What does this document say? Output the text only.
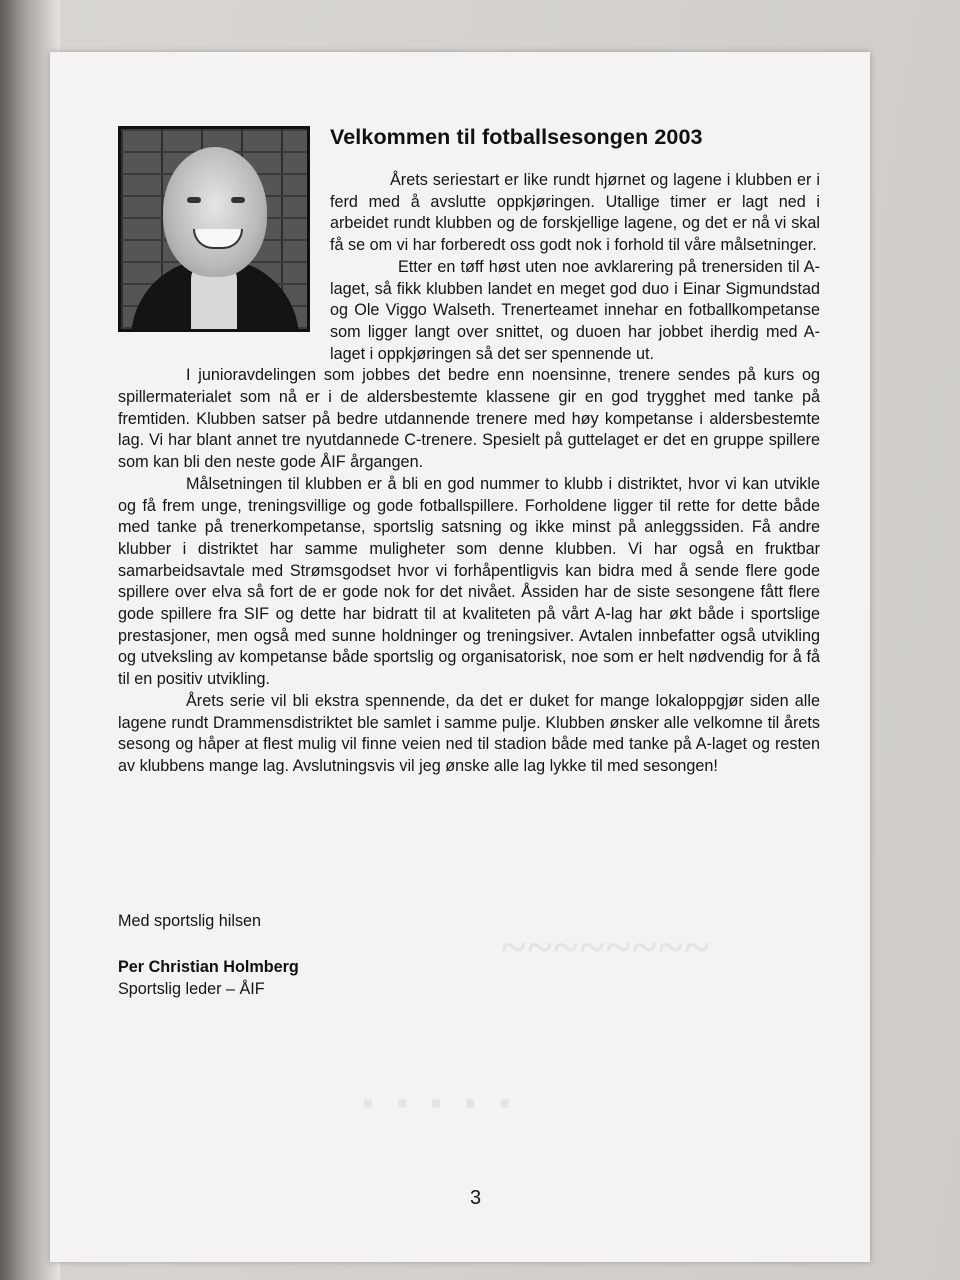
Velkommen til fotballsesongen 2003

Årets seriestart er like rundt hjørnet og lagene i klubben er i ferd med å avslutte oppkjøringen. Utallige timer er lagt ned i arbeidet rundt klubben og de forskjellige lagene, og det er nå vi skal få se om vi har forberedt oss godt nok i forhold til våre målsetninger.

Etter en tøff høst uten noe avklarering på trenersiden til A-laget, så fikk klubben landet en meget god duo i Einar Sigmundstad og Ole Viggo Walseth. Trenerteamet innehar en fotballkompetanse som ligger langt over snittet, og duoen har jobbet iherdig med A-laget i oppkjøringen så det ser spennende ut.

I junioravdelingen som jobbes det bedre enn noensinne, trenere sendes på kurs og spillermaterialet som nå er i de aldersbestemte klassene gir en god trygghet med tanke på fremtiden. Klubben satser på bedre utdannende trenere med høy kompetanse i aldersbestemte lag. Vi har blant annet tre nyutdannede C-trenere. Spesielt på guttelaget er det en gruppe spillere som kan bli den neste gode ÅIF årgangen.

Målsetningen til klubben er å bli en god nummer to klubb i distriktet, hvor vi kan utvikle og få frem unge, treningsvillige og gode fotballspillere. Forholdene ligger til rette for dette både med tanke på trenerkompetanse, sportslig satsning og ikke minst på anleggssiden. Få andre klubber i distriktet har samme muligheter som denne klubben. Vi har også en fruktbar samarbeidsavtale med Strømsgodset hvor vi forhåpentligvis kan bidra med å sende flere gode spillere over elva så fort de er gode nok for det nivået. Åssiden har de siste sesongene fått flere gode spillere fra SIF og dette har bidratt til at kvaliteten på vårt A-lag har økt både i sportslige prestasjoner, men også med sunne holdninger og treningsiver. Avtalen innbefatter også utvikling og utveksling av kompetanse både sportslig og organisatorisk, noe som er helt nødvendig for å få til en positiv utvikling.

Årets serie vil bli ekstra spennende, da det er duket for mange lokaloppgjør siden alle lagene rundt Drammensdistriktet ble samlet i samme pulje. Klubben ønsker alle velkomne til årets sesong og håper at flest mulig vil finne veien ned til stadion både med tanke på A-laget og resten av klubbens mange lag. Avslutningsvis vil jeg ønske alle lag lykke til med sesongen!

Med sportslig hilsen
Per Christian Holmberg
Sportslig leder – ÅIF
3
